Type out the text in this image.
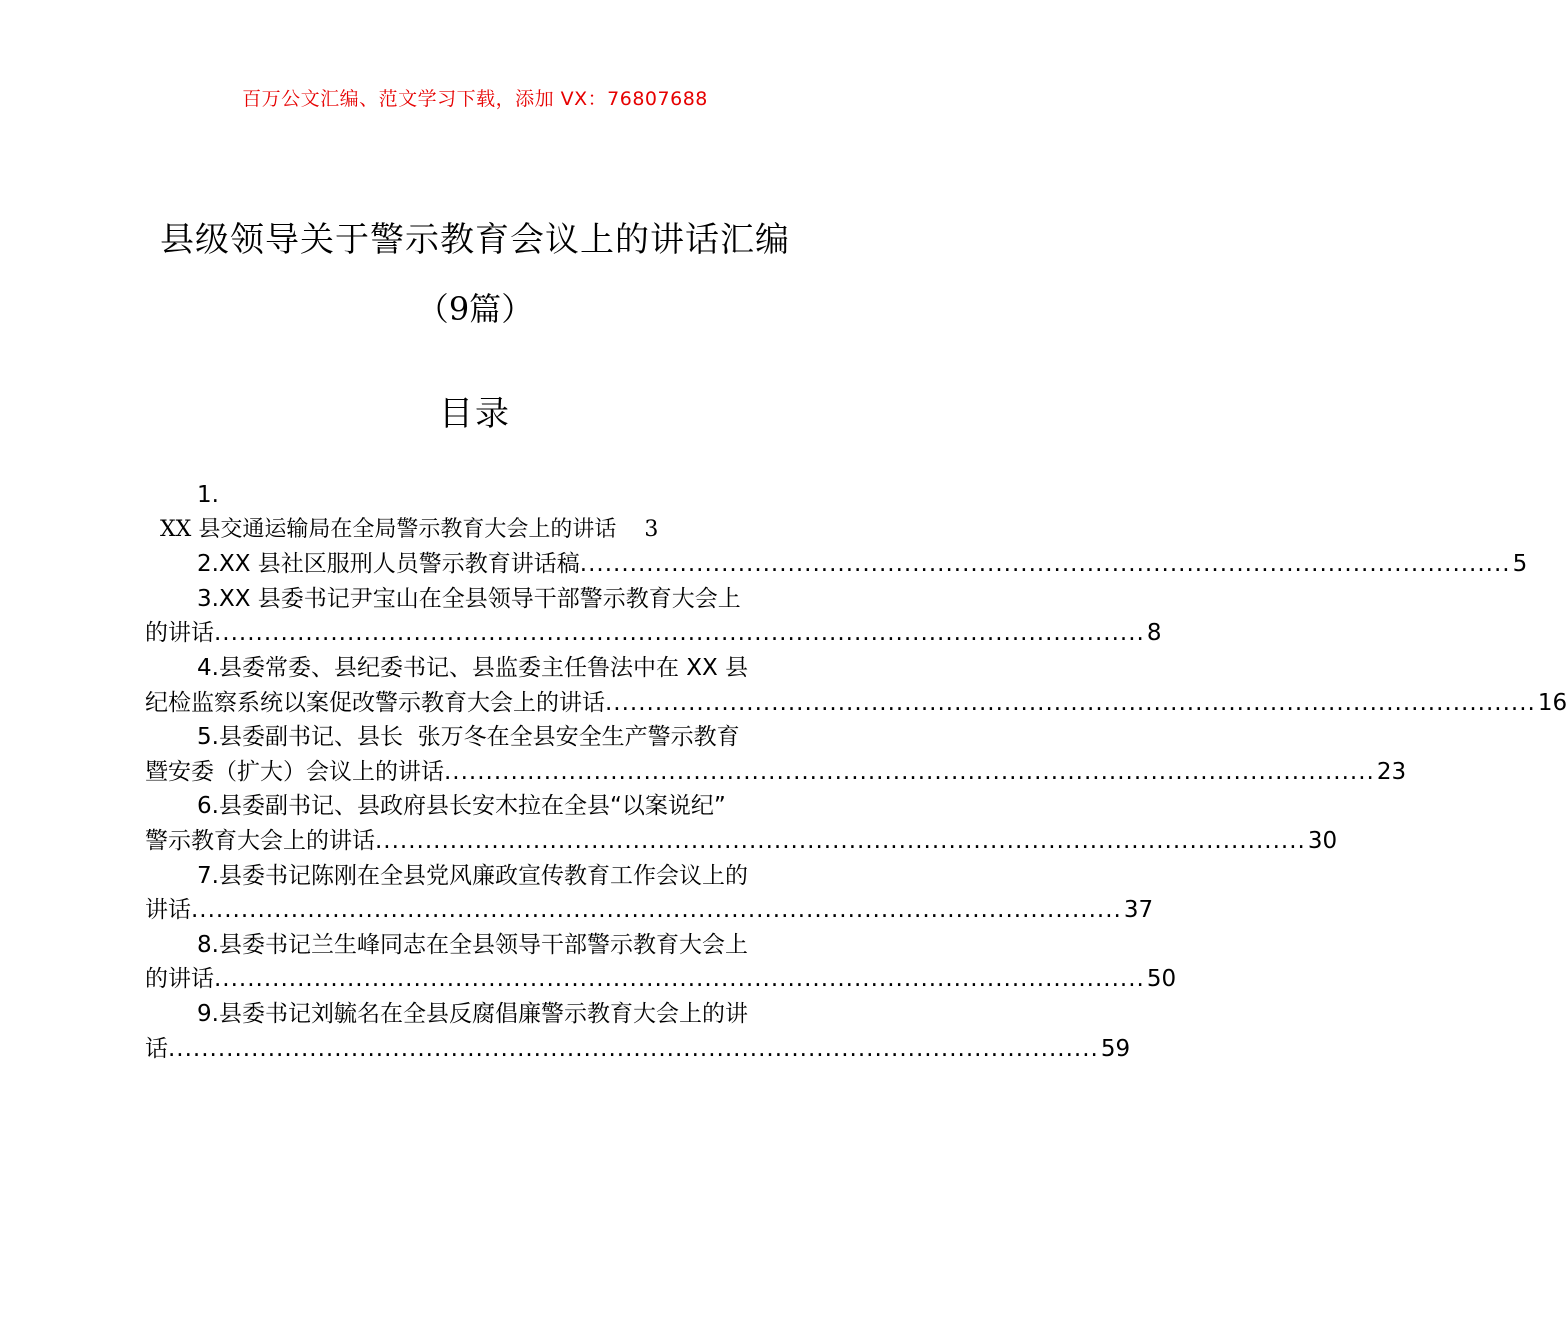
百万公文汇编、范文学习下载，添加 VX：76807688
县级领导关于警示教育会议上的讲话汇编
（9篇）
目录
1.
XX 县交通运输局在全局警示教育大会上的讲话 3
2.XX 县社区服刑人员警示教育讲话稿 ................................................................................................................ 5
3.XX 县委书记尹宝山在全县领导干部警示教育大会上
的讲话 ................................................................................................................ 8
4.县委常委、县纪委书记、县监委主任鲁法中在 XX 县
纪检监察系统以案促改警示教育大会上的讲话 ................................................................................................................ 16
5.县委副书记、县长  张万冬在全县安全生产警示教育
暨安委（扩大）会议上的讲话 ................................................................................................................ 23
6.县委副书记、县政府县长安木拉在全县“以案说纪”
警示教育大会上的讲话 ................................................................................................................ 30
7.县委书记陈刚在全县党风廉政宣传教育工作会议上的
讲话 ................................................................................................................ 37
8.县委书记兰生峰同志在全县领导干部警示教育大会上
的讲话 ................................................................................................................ 50
9.县委书记刘毓名在全县反腐倡廉警示教育大会上的讲
话 ................................................................................................................ 59
